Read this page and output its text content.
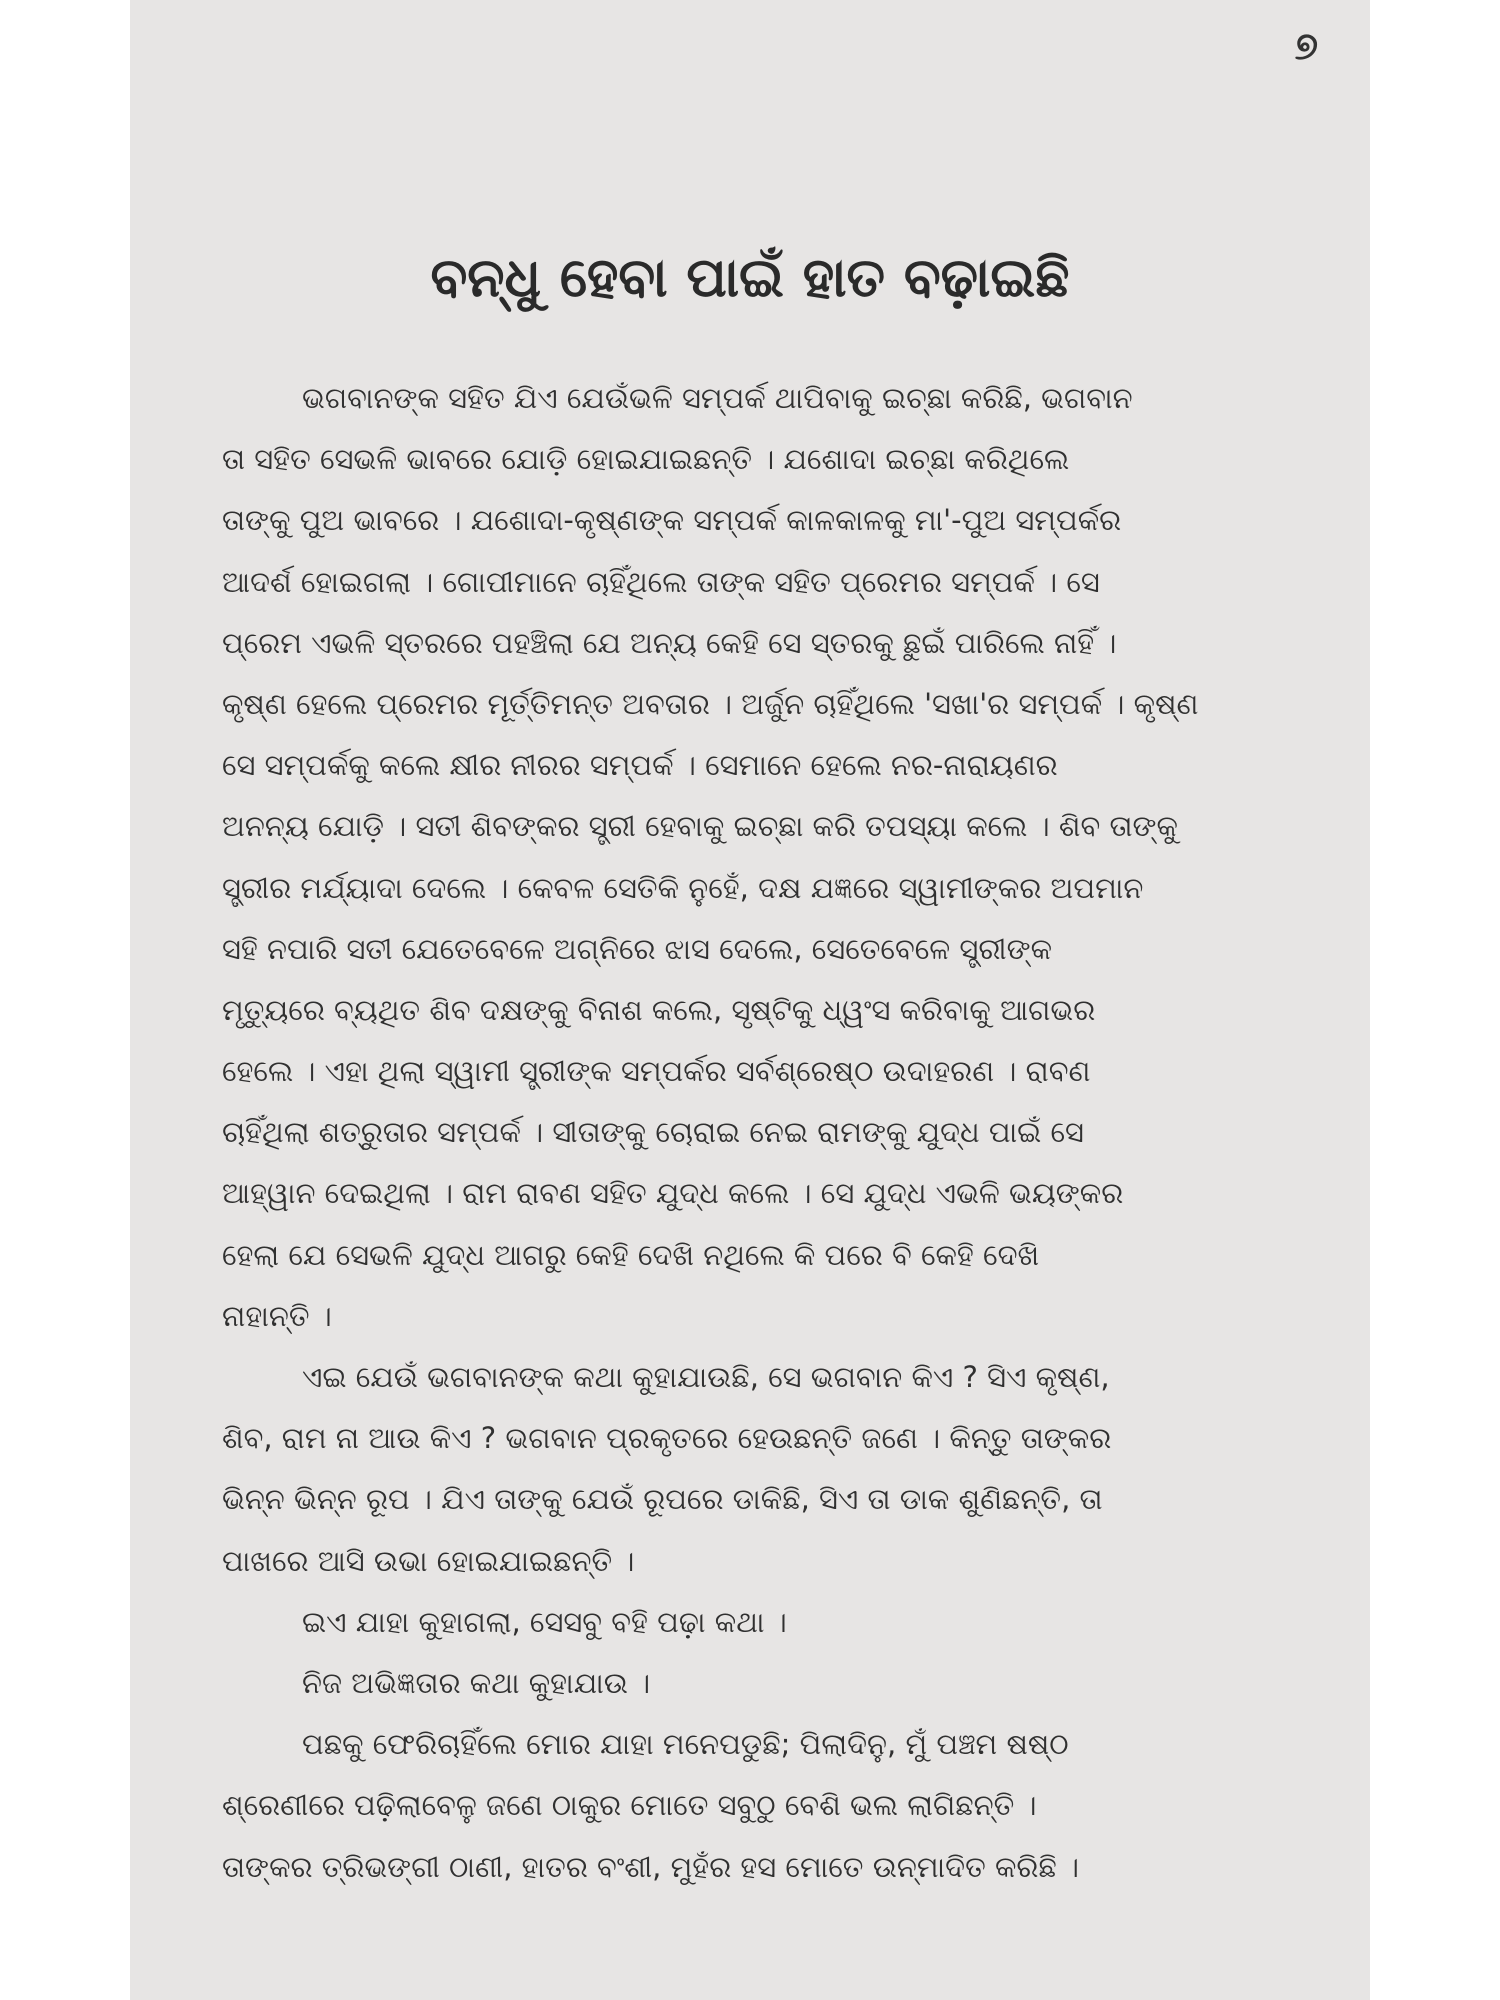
୭
ବନ୍ଧୁ ହେବା ପାଇଁ ହାତ ବଢ଼ାଇଛି
ଭଗବାନଙ୍କ ସହିତ ଯିଏ ଯେଉଁଭଳି ସମ୍ପର୍କ ଥାପିବାକୁ ଇଚ୍ଛା କରିଛି, ଭଗବାନ
ତା ସହିତ ସେଭଳି ଭାବରେ ଯୋଡ଼ି ହୋଇଯାଇଛନ୍ତି । ଯଶୋଦା ଇଚ୍ଛା କରିଥିଲେ
ତାଙ୍କୁ ପୁଅ ଭାବରେ । ଯଶୋଦା-କୃଷ୍ଣଙ୍କ ସମ୍ପର୍କ କାଳକାଳକୁ ମା'-ପୁଅ ସମ୍ପର୍କର
ଆଦର୍ଶ ହୋଇଗଲା । ଗୋପୀମାନେ ଚାହିଁଥିଲେ ତାଙ୍କ ସହିତ ପ୍ରେମର ସମ୍ପର୍କ । ସେ
ପ୍ରେମ ଏଭଳି ସ୍ତରରେ ପହଞ୍ଚିଲା ଯେ ଅନ୍ୟ କେହି ସେ ସ୍ତରକୁ ଛୁଇଁ ପାରିଲେ ନାହିଁ ।
କୃଷ୍ଣ ହେଲେ ପ୍ରେମର ମୂର୍ତ୍ତିମନ୍ତ ଅବତାର । ଅର୍ଜୁନ ଚାହିଁଥିଲେ 'ସଖା'ର ସମ୍ପର୍କ । କୃଷ୍ଣ
ସେ ସମ୍ପର୍କକୁ କଲେ କ୍ଷୀର ନୀରର ସମ୍ପର୍କ । ସେମାନେ ହେଲେ ନର-ନାରାୟଣର
ଅନନ୍ୟ ଯୋଡ଼ି । ସତୀ ଶିବଙ୍କର ସ୍ତ୍ରୀ ହେବାକୁ ଇଚ୍ଛା କରି ତପସ୍ୟା କଲେ । ଶିବ ତାଙ୍କୁ
ସ୍ତ୍ରୀର ମର୍ଯ୍ୟାଦା ଦେଲେ । କେବଳ ସେତିକି ନୁହେଁ, ଦକ୍ଷ ଯଜ୍ଞରେ ସ୍ୱାମୀଙ୍କର ଅପମାନ
ସହି ନପାରି ସତୀ ଯେତେବେଳେ ଅଗ୍ନିରେ ଝାସ ଦେଲେ, ସେତେବେଳେ ସ୍ତ୍ରୀଙ୍କ
ମୃତ୍ୟୁରେ ବ୍ୟଥିତ ଶିବ ଦକ୍ଷଙ୍କୁ ବିନାଶ କଲେ, ସୃଷ୍ଟିକୁ ଧ୍ୱଂସ କରିବାକୁ ଆଗଭର
ହେଲେ । ଏହା ଥିଲା ସ୍ୱାମୀ ସ୍ତ୍ରୀଙ୍କ ସମ୍ପର୍କର ସର୍ବଶ୍ରେଷ୍ଠ ଉଦାହରଣ । ରାବଣ
ଚାହିଁଥିଲା ଶତ୍ରୁତାର ସମ୍ପର୍କ । ସୀତାଙ୍କୁ ଚୋରାଇ ନେଇ ରାମଙ୍କୁ ଯୁଦ୍ଧ ପାଇଁ ସେ
ଆହ୍ୱାନ ଦେଇଥିଲା । ରାମ ରାବଣ ସହିତ ଯୁଦ୍ଧ କଲେ । ସେ ଯୁଦ୍ଧ ଏଭଳି ଭୟଙ୍କର
ହେଲା ଯେ ସେଭଳି ଯୁଦ୍ଧ ଆଗରୁ କେହି ଦେଖି ନଥିଲେ କି ପରେ ବି କେହି ଦେଖି
ନାହାନ୍ତି ।
ଏଇ ଯେଉଁ ଭଗବାନଙ୍କ କଥା କୁହାଯାଉଛି, ସେ ଭଗବାନ କିଏ ? ସିଏ କୃଷ୍ଣ,
ଶିବ, ରାମ ନା ଆଉ କିଏ ? ଭଗବାନ ପ୍ରକୃତରେ ହେଉଛନ୍ତି ଜଣେ । କିନ୍ତୁ ତାଙ୍କର
ଭିନ୍ନ ଭିନ୍ନ ରୂପ । ଯିଏ ତାଙ୍କୁ ଯେଉଁ ରୂପରେ ଡାକିଛି, ସିଏ ତା ଡାକ ଶୁଣିଛନ୍ତି, ତା
ପାଖରେ ଆସି ଉଭା ହୋଇଯାଇଛନ୍ତି ।
ଇଏ ଯାହା କୁହାଗଲା, ସେସବୁ ବହି ପଢ଼ା କଥା ।
ନିଜ ଅଭିଜ୍ଞତାର କଥା କୁହାଯାଉ ।
ପଛକୁ ଫେରିଚାହିଁଲେ ମୋର ଯାହା ମନେପଡୁଛି; ପିଲାଦିନୁ, ମୁଁ ପଞ୍ଚମ ଷଷ୍ଠ
ଶ୍ରେଣୀରେ ପଢ଼ିଲାବେଳୁ ଜଣେ ଠାକୁର ମୋତେ ସବୁଠୁ ବେଶି ଭଲ ଲାଗିଛନ୍ତି ।
ତାଙ୍କର ତ୍ରିଭଙ୍ଗୀ ଠାଣୀ, ହାତର ବଂଶୀ, ମୁହଁର ହସ ମୋତେ ଉନ୍ମାଦିତ କରିଛି ।
